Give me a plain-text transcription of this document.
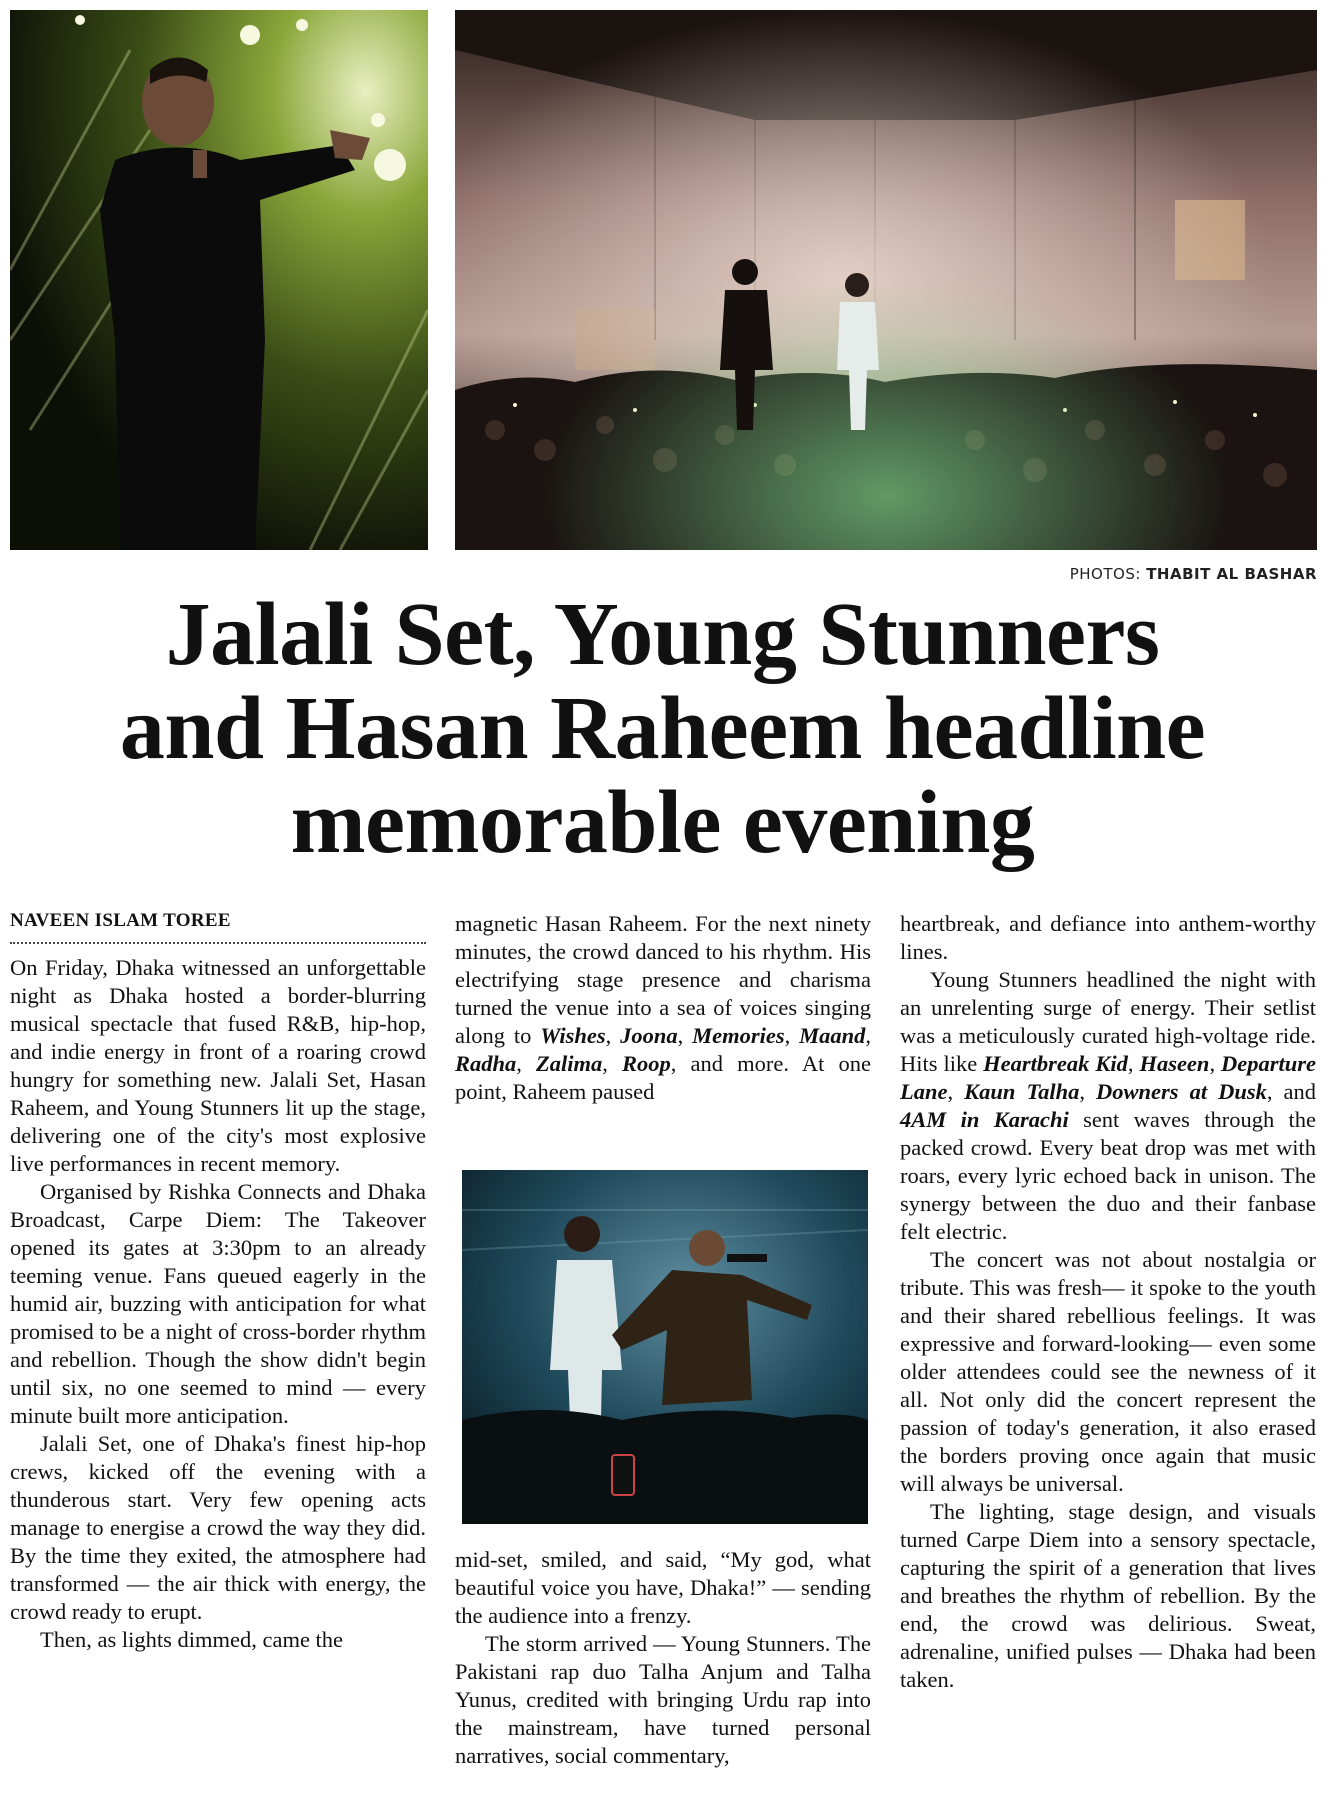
PHOTOS: THABIT AL BASHAR
Jalali Set, Young Stunners
and Hasan Raheem headline
memorable evening
NAVEEN ISLAM TOREE

On Friday, Dhaka witnessed an unforgettable night as Dhaka hosted a border-blurring musical spectacle that fused R&B, hip-hop, and indie energy in front of a roaring crowd hungry for something new. Jalali Set, Hasan Raheem, and Young Stunners lit up the stage, delivering one of the city's most explosive live performances in recent memory.

Organised by Rishka Connects and Dhaka Broadcast, Carpe Diem: The Takeover opened its gates at 3:30pm to an already teeming venue. Fans queued eagerly in the humid air, buzzing with anticipation for what promised to be a night of cross-border rhythm and rebellion. Though the show didn't begin until six, no one seemed to mind — every minute built more anticipation.

Jalali Set, one of Dhaka's finest hip-hop crews, kicked off the evening with a thunderous start. Very few opening acts manage to energise a crowd the way they did. By the time they exited, the atmosphere had transformed — the air thick with energy, the crowd ready to erupt.

Then, as lights dimmed, came the

magnetic Hasan Raheem. For the next ninety minutes, the crowd danced to his rhythm. His electrifying stage presence and charisma turned the venue into a sea of voices singing along to Wishes, Joona, Memories, Maand, Radha, Zalima, Roop, and more. At one point, Raheem paused

mid-set, smiled, and said, “My god, what beautiful voice you have, Dhaka!” — sending the audience into a frenzy.

The storm arrived — Young Stunners. The Pakistani rap duo Talha Anjum and Talha Yunus, credited with bringing Urdu rap into the mainstream, have turned personal narratives, social commentary,

heartbreak, and defiance into anthem-worthy lines.

Young Stunners headlined the night with an unrelenting surge of energy. Their setlist was a meticulously curated high-voltage ride. Hits like Heartbreak Kid, Haseen, Departure Lane, Kaun Talha, Downers at Dusk, and 4AM in Karachi sent waves through the packed crowd. Every beat drop was met with roars, every lyric echoed back in unison. The synergy between the duo and their fanbase felt electric.

The concert was not about nostalgia or tribute. This was fresh— it spoke to the youth and their shared rebellious feelings. It was expressive and forward-looking— even some older attendees could see the newness of it all. Not only did the concert represent the passion of today's generation, it also erased the borders proving once again that music will always be universal.

The lighting, stage design, and visuals turned Carpe Diem into a sensory spectacle, capturing the spirit of a generation that lives and breathes the rhythm of rebellion. By the end, the crowd was delirious. Sweat, adrenaline, unified pulses — Dhaka had been taken.
